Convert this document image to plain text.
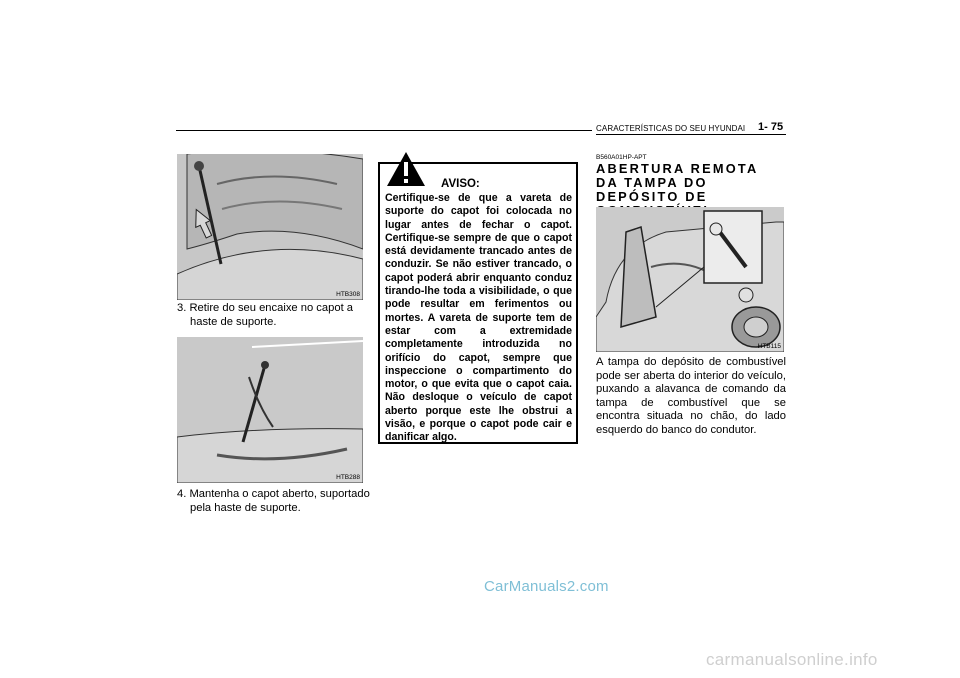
CARACTERÍSTICAS DO SEU HYUNDAI 1- 75
HTB308
3. Retire do seu encaixe no capot a haste de suporte.
HTB288
4. Mantenha o capot aberto, suportado pela haste de suporte.
AVISO:
Certifique-se de que a vareta de suporte do capot foi colocada no lugar antes de fechar o capot. Certifique-se sempre de que o capot está devidamente trancado antes de conduzir. Se não estiver trancado, o capot poderá abrir enquanto conduz tirando-lhe toda a visibilidade, o que pode resultar em ferimentos ou mortes. A vareta de suporte tem de estar com a extremidade completamente introduzida no orifício do capot, sempre que inspeccione o compartimento do motor, o que evita que o capot caia. Não desloque o veículo de capot aberto porque este lhe obstrui a visão, e porque o capot pode cair e danificar algo.
B560A01HP-APT
ABERTURA REMOTA DA TAMPA DO DEPÓSITO DE
HTB115
A tampa do depósito de combustível pode ser aberta do interior do veículo, puxando a alavanca de comando da tampa de combustível que se encontra situada no chão, do lado esquerdo do banco do condutor.
CarManuals2.com
carmanualsonline.info
